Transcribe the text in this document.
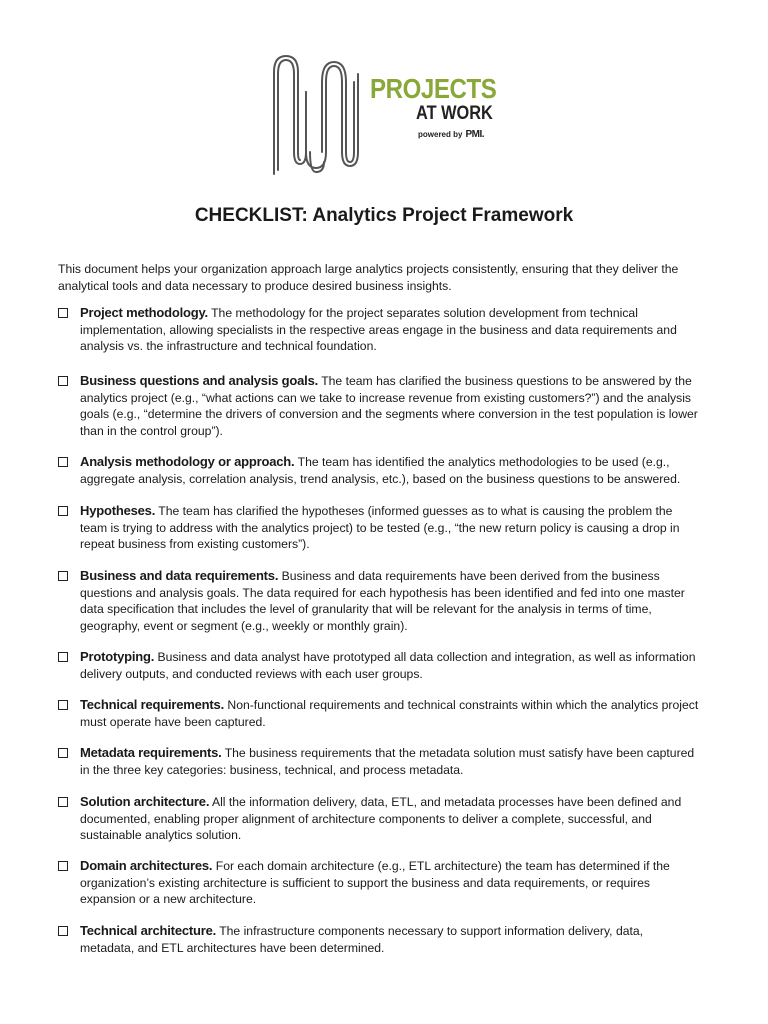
PROJECTS
AT WORK
powered by PMI.
CHECKLIST: Analytics Project Framework

This document helps your organization approach large analytics projects consistently, ensuring that they deliver the analytical tools and data necessary to produce desired business insights.

Project methodology. The methodology for the project separates solution development from technical implementation, allowing specialists in the respective areas engage in the business and data requirements and analysis vs. the infrastructure and technical foundation.

Business questions and analysis goals. The team has clarified the business questions to be answered by the analytics project (e.g., “what actions can we take to increase revenue from existing customers?”) and the analysis goals (e.g., “determine the drivers of conversion and the segments where conversion in the test population is lower than in the control group”).

Analysis methodology or approach. The team has identified the analytics methodologies to be used (e.g., aggregate analysis, correlation analysis, trend analysis, etc.), based on the business questions to be answered.

Hypotheses. The team has clarified the hypotheses (informed guesses as to what is causing the problem the team is trying to address with the analytics project) to be tested (e.g., “the new return policy is causing a drop in repeat business from existing customers”).

Business and data requirements. Business and data requirements have been derived from the business questions and analysis goals. The data required for each hypothesis has been identified and fed into one master data specification that includes the level of granularity that will be relevant for the analysis in terms of time, geography, event or segment (e.g., weekly or monthly grain).

Prototyping. Business and data analyst have prototyped all data collection and integration, as well as information delivery outputs, and conducted reviews with each user groups.

Technical requirements. Non-functional requirements and technical constraints within which the analytics project must operate have been captured.

Metadata requirements. The business requirements that the metadata solution must satisfy have been captured in the three key categories: business, technical, and process metadata.

Solution architecture. All the information delivery, data, ETL, and metadata processes have been defined and documented, enabling proper alignment of architecture components to deliver a complete, successful, and sustainable analytics solution.

Domain architectures. For each domain architecture (e.g., ETL architecture) the team has determined if the organization’s existing architecture is sufficient to support the business and data requirements, or requires expansion or a new architecture.

Technical architecture. The infrastructure components necessary to support information delivery, data, metadata, and ETL architectures have been determined.
